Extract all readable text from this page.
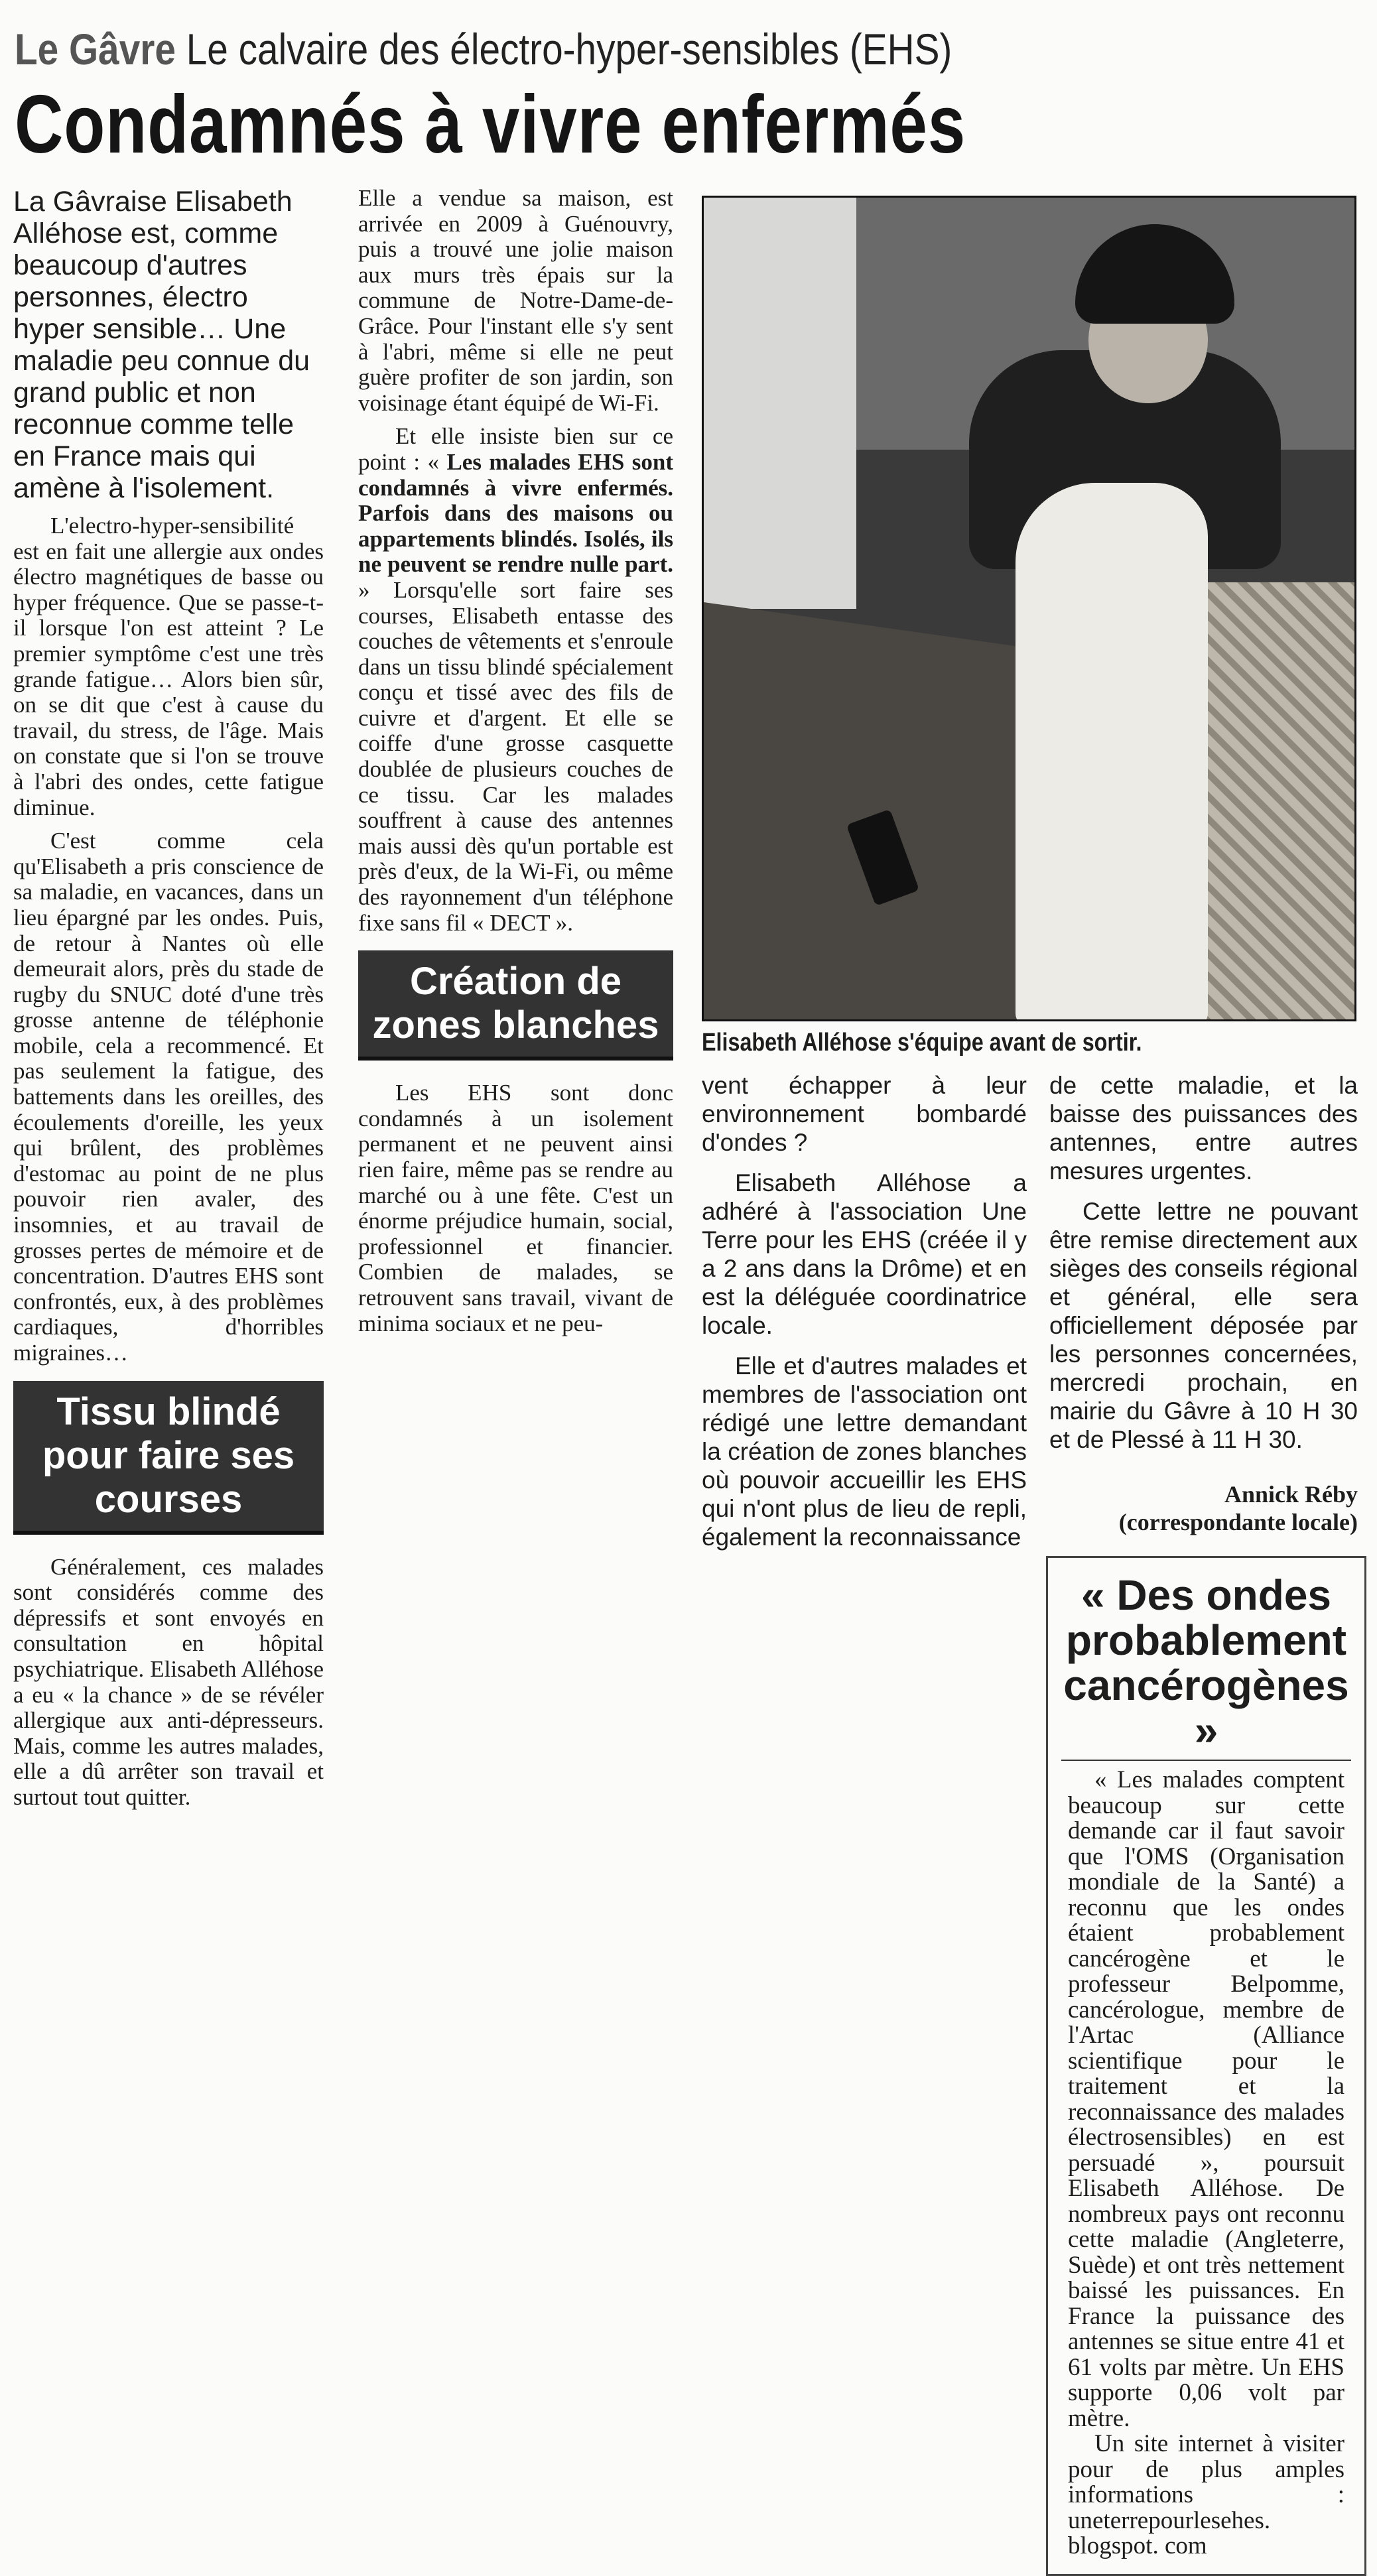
Le Gâvre Le calvaire des électro-hyper-sensibles (EHS)
Condamnés à vivre enfermés
La Gâvraise Elisabeth Alléhose est, comme beaucoup d'autres personnes, électro hyper sensible… Une maladie peu connue du grand public et non reconnue comme telle en France mais qui amène à l'isolement.

L'electro-hyper-sensibilité est en fait une allergie aux ondes électro magnétiques de basse ou hyper fréquence. Que se passe-t-il lorsque l'on est atteint ? Le premier symptôme c'est une très grande fatigue… Alors bien sûr, on se dit que c'est à cause du travail, du stress, de l'âge. Mais on constate que si l'on se trouve à l'abri des ondes, cette fatigue diminue.

C'est comme cela qu'Elisabeth a pris conscience de sa maladie, en vacances, dans un lieu épargné par les ondes. Puis, de retour à Nantes où elle demeurait alors, près du stade de rugby du SNUC doté d'une très grosse antenne de téléphonie mobile, cela a recommencé. Et pas seulement la fatigue, des battements dans les oreilles, des écoulements d'oreille, les yeux qui brûlent, des problèmes d'estomac au point de ne plus pouvoir rien avaler, des insomnies, et au travail de grosses pertes de mémoire et de concentration. D'autres EHS sont confrontés, eux, à des problèmes cardiaques, d'horribles migraines…

Tissu blindé pour faire ses courses

Généralement, ces malades sont considérés comme des dépressifs et sont envoyés en consultation en hôpital psychiatrique. Elisabeth Alléhose a eu « la chance » de se révéler allergique aux anti-dépresseurs. Mais, comme les autres malades, elle a dû arrêter son travail et surtout tout quitter.

Elle a vendue sa maison, est arrivée en 2009 à Guénouvry, puis a trouvé une jolie maison aux murs très épais sur la commune de Notre-Dame-de-Grâce. Pour l'instant elle s'y sent à l'abri, même si elle ne peut guère profiter de son jardin, son voisinage étant équipé de Wi-Fi.

Et elle insiste bien sur ce point : « Les malades EHS sont condamnés à vivre enfermés. Parfois dans des maisons ou appartements blindés. Isolés, ils ne peuvent se rendre nulle part. » Lorsqu'elle sort faire ses courses, Elisabeth entasse des couches de vêtements et s'enroule dans un tissu blindé spécialement conçu et tissé avec des fils de cuivre et d'argent. Et elle se coiffe d'une grosse casquette doublée de plusieurs couches de ce tissu. Car les malades souffrent à cause des antennes mais aussi dès qu'un portable est près d'eux, de la Wi-Fi, ou même des rayonnement d'un téléphone fixe sans fil « DECT ».

Création de zones blanches

Les EHS sont donc condamnés à un isolement permanent et ne peuvent ainsi rien faire, même pas se rendre au marché ou à une fête. C'est un énorme préjudice humain, social, professionnel et financier. Combien de malades, se retrouvent sans travail, vivant de minima sociaux et ne peu-

Elisabeth Alléhose s'équipe avant de sortir.

vent échapper à leur environnement bombardé d'ondes ?

Elisabeth Alléhose a adhéré à l'association Une Terre pour les EHS (créée il y a 2 ans dans la Drôme) et en est la déléguée coordinatrice locale.

Elle et d'autres malades et membres de l'association ont rédigé une lettre demandant la création de zones blanches où pouvoir accueillir les EHS qui n'ont plus de lieu de repli, également la reconnaissance

de cette maladie, et la baisse des puissances des antennes, entre autres mesures urgentes.

Cette lettre ne pouvant être remise directement aux sièges des conseils régional et général, elle sera officiellement déposée par les personnes concernées, mercredi prochain, en mairie du Gâvre à 10 H 30 et de Plessé à 11 H 30.

Annick Réby
(correspondante locale)
« Des ondes probablement cancérogènes »

« Les malades comptent beaucoup sur cette demande car il faut savoir que l'OMS (Organisation mondiale de la Santé) a reconnu que les ondes étaient probablement cancérogène et le professeur Belpomme, cancérologue, membre de l'Artac (Alliance scientifique pour le traitement et la reconnaissance des malades électrosensibles) en est persuadé », poursuit Elisabeth Alléhose. De nombreux pays ont reconnu cette maladie (Angleterre, Suède) et ont très nettement baissé les puissances. En France la puissance des antennes se situe entre 41 et 61 volts par mètre. Un EHS supporte 0,06 volt par mètre.

Un site internet à visiter pour de plus amples informations : uneterrepourlesehes. blogspot. com
